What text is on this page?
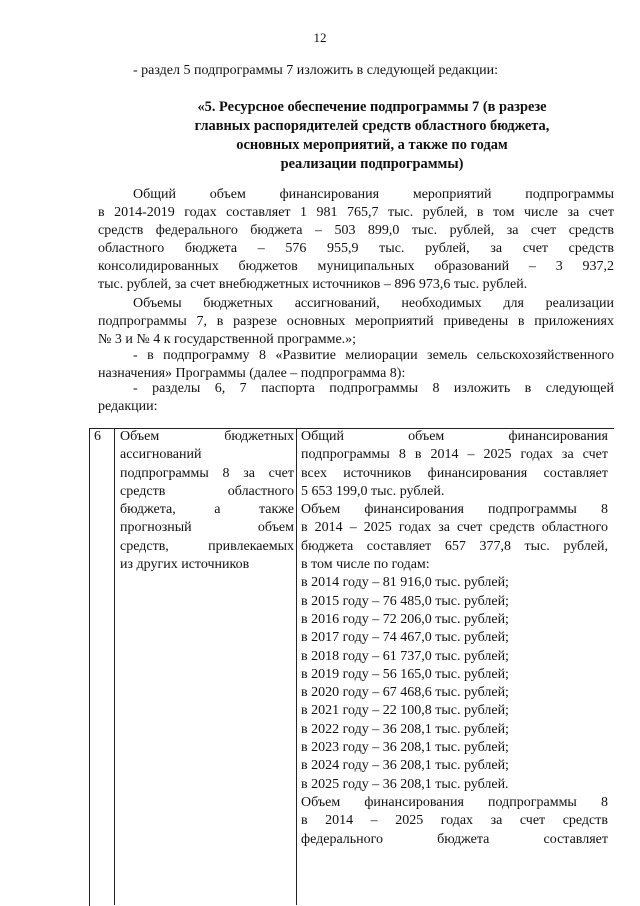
12

- раздел 5 подпрограммы 7 изложить в следующей редакции:

«5. Ресурсное обеспечение подпрограммы 7 (в разрезе
главных распорядителей средств областного бюджета,
основных мероприятий, а также по годам
реализации подпрограммы)
Общий объем финансирования мероприятий подпрограммы
в 2014-2019 годах составляет 1 981 765,7 тыс. рублей, в том числе за счет
средств федерального бюджета – 503 899,0 тыс. рублей, за счет средств
областного бюджета – 576 955,9 тыс. рублей, за счет средств
консолидированных бюджетов муниципальных образований – 3 937,2
тыс. рублей, за счет внебюджетных источников – 896 973,6 тыс. рублей.
Объемы бюджетных ассигнований, необходимых для реализации
подпрограммы 7, в разрезе основных мероприятий приведены в приложениях
№ 3 и № 4 к государственной программе.»;
- в подпрограмму 8 «Развитие мелиорации земель сельскохозяйственного
назначения» Программы (далее – подпрограмма 8):
- разделы 6, 7 паспорта подпрограммы 8 изложить в следующей
редакции:
6 Объем бюджетных
ассигнований
подпрограммы 8 за счет
средств областного
бюджета, а также
прогнозный объем
средств, привлекаемых
из других источников
Общий объем финансирования
подпрограммы 8 в 2014 – 2025 годах за счет
всех источников финансирования составляет
5 653 199,0 тыс. рублей.
Объем финансирования подпрограммы 8
в 2014 – 2025 годах за счет средств областного
бюджета составляет 657 377,8 тыс. рублей,
в том числе по годам:
в 2014 году – 81 916,0 тыс. рублей;
в 2015 году – 76 485,0 тыс. рублей;
в 2016 году – 72 206,0 тыс. рублей;
в 2017 году – 74 467,0 тыс. рублей;
в 2018 году – 61 737,0 тыс. рублей;
в 2019 году – 56 165,0 тыс. рублей;
в 2020 году – 67 468,6 тыс. рублей;
в 2021 году – 22 100,8 тыс. рублей;
в 2022 году – 36 208,1 тыс. рублей;
в 2023 году – 36 208,1 тыс. рублей;
в 2024 году – 36 208,1 тыс. рублей;
в 2025 году – 36 208,1 тыс. рублей.
Объем финансирования подпрограммы 8
в 2014 – 2025 годах за счет средств
федерального бюджета составляет
